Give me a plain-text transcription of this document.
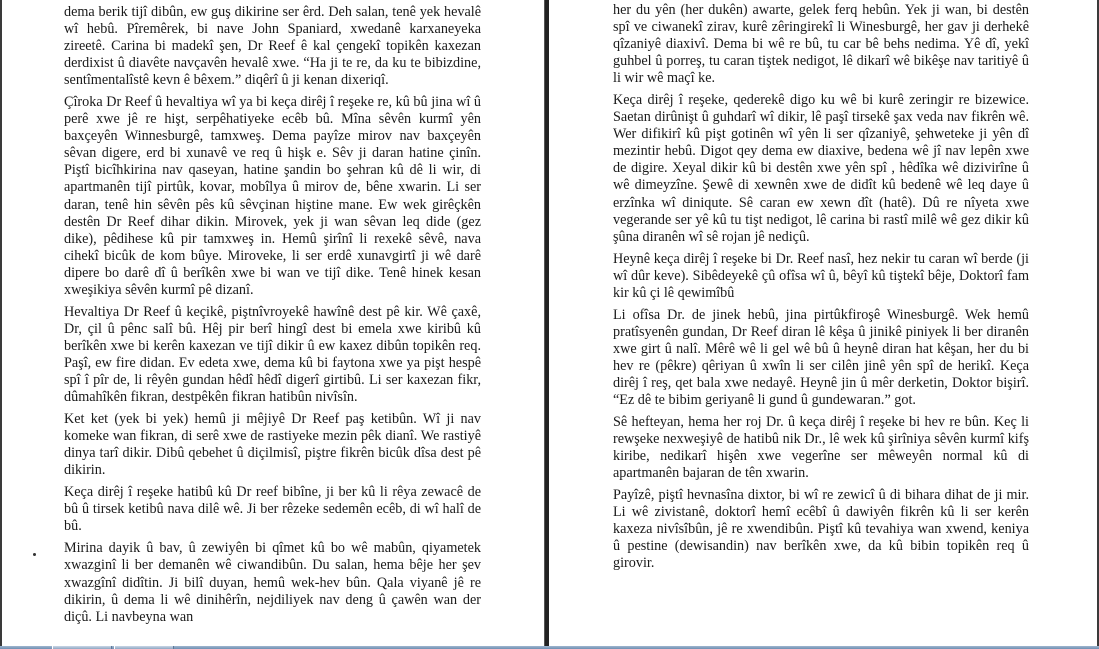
dema berik tijî dibûn, ew guş dikirine ser êrd. Deh salan, tenê yek hevalê wî hebû. Pîremêrek, bi nave John Spaniard, xwedanê karxaneyeka zireetê. Carina bi madekî şen, Dr Reef ê kal çengekî topikên kaxezan derdixist û diavête navçavên hevalê xwe. “Ha ji te re, da ku te bibizdine, sentîmentalîstê kevn ê bêxem.” diqêrî û ji kenan dixeriqî.

Çîroka Dr Reef û hevaltiya wî ya bi keça dirêj î reşeke re, kû bû jina wî û perê xwe jê re hişt, serpêhatiyeke ecêb bû. Mîna sêvên kurmî yên baxçeyên Winnesburgê, tamxweş. Dema payîze mirov nav baxçeyên sêvan digere, erd bi xunavê ve req û hişk e. Sêv ji daran hatine çinîn. Piştî bicîhkirina nav qaseyan, hatine şandin bo şehran kû dê li wir, di apartmanên tijî pirtûk, kovar, mobîlya û mirov de, bêne xwarin. Li ser daran, tenê hin sêvên pês kû sêvçinan hiştine mane. Ew wek girêçkên destên Dr Reef dihar dikin. Mirovek, yek ji wan sêvan leq dide (gez dike), pêdihese kû pir tamxweş in. Hemû şirînî li rexekê sêvê, nava cihekî bicûk de kom bûye. Miroveke, li ser erdê xunavgirtî ji wê darê dipere bo darê dî û berîkên xwe bi wan ve tijî dike. Tenê hinek kesan xweşikiya sêvên kurmî pê dizanî.

Hevaltiya Dr Reef û keçikê, piştnîvroyekê hawînê dest pê kir. Wê çaxê, Dr, çil û pênc salî bû. Hêj pir berî hingî dest bi emela xwe kiribû kû berîkên xwe bi kerên kaxezan ve tijî dikir û ew kaxez dibûn topikên req. Paşî, ew fire didan. Ev edeta xwe, dema kû bi faytona xwe ya pişt hespê spî î pîr de, li rêyên gundan hêdî hêdî digerî girtibû. Li ser kaxezan fikr, dûmahîkên fikran, destpêkên fikran hatibûn nivîsîn.

Ket ket (yek bi yek) hemû ji mêjiyê Dr Reef paş ketibûn. Wî ji nav komeke wan fikran, di serê xwe de rastiyeke mezin pêk dianî. We rastiyê dinya tarî dikir. Dibû qebehet û diçilmisî, piştre fikrên bicûk dîsa dest pê dikirin.

Keça dirêj î reşeke hatibû kû Dr reef bibîne, ji ber kû li rêya zewacê de bû û tirsek ketibû nava dilê wê. Ji ber rêzeke sedemên ecêb, di wî halî de bû.

Mirina dayik û bav, û zewiyên bi qîmet kû bo wê mabûn, qiyametek xwazginî li ber demanên wê ciwandibûn. Du salan, hema bêje her şev xwazgînî didîtin. Ji bilî duyan, hemû wek-hev bûn. Qala viyanê jê re dikirin, û dema li wê dinihêrîn, nejdiliyek nav deng û çawên wan der diçû. Li navbeyna wan

her du yên (her dukên) awarte, gelek ferq hebûn. Yek ji wan, bi destên spî ve ciwanekî zirav, kurê zêringirekî li Winesburgê, her gav ji derhekê qîzaniyê diaxivî. Dema bi wê re bû, tu car bê behs nedima. Yê dî, yekî guhbel û porreş, tu caran tiştek nedigot, lê dikarî wê bikêşe nav taritiyê û li wir wê maçî ke.

Keça dirêj î reşeke, qederekê digo ku wê bi kurê zeringir re bizewice. Saetan dirûnişt û guhdarî wî dikir, lê paşî tirsekê şax veda nav fikrên wê. Wer difikirî kû pişt gotinên wî yên li ser qîzaniyê, şehweteke ji yên dî mezintir hebû. Digot qey dema ew diaxive, bedena wê jî nav lepên xwe de digire. Xeyal dikir kû bi destên xwe yên spî , hêdîka wê dizivirîne û wê dimeyzîne. Şewê di xewnên xwe de didît kû bedenê wê leq daye û erzînka wî diniqute. Sê caran ew xewn dît (hatê). Dû re nîyeta xwe vegerande ser yê kû tu tişt nedigot, lê carina bi rastî milê wê gez dikir kû şûna diranên wî sê rojan jê nediçû.

Heynê keça dirêj î reşeke bi Dr. Reef nasî, hez nekir tu caran wî berde (ji wî dûr keve). Sibêdeyekê çû ofîsa wî û, bêyî kû tiştekî bêje, Doktorî fam kir kû çi lê qewimîbû

Li ofîsa Dr. de jinek hebû, jina pirtûkfiroşê Winesburgê. Wek hemû pratîsyenên gundan, Dr Reef diran lê kêşa û jinikê piniyek li ber diranên xwe girt û nalî. Mêrê wê li gel wê bû û heynê diran hat kêşan, her du bi hev re (pêkre) qêriyan û xwîn li ser cilên jinê yên spî de herikî. Keça dirêj î reş, qet bala xwe nedayê. Heynê jin û mêr derketin, Doktor bişirî. “Ez dê te bibim geriyanê li gund û gundewaran.” got.

Sê hefteyan, hema her roj Dr. û keça dirêj î reşeke bi hev re bûn. Keç li rewşeke nexweşiyê de hatibû nik Dr., lê wek kû şirîniya sêvên kurmî kifş kiribe, nedikarî hişên xwe vegerîne ser mêweyên normal kû di apartmanên bajaran de tên xwarin.

Payîzê, piştî hevnasîna dixtor, bi wî re zewicî û di bihara dihat de ji mir. Li wê zivistanê, doktorî hemî ecêbî û dawiyên fikrên kû li ser kerên kaxeza nivîsîbûn, jê re xwendibûn. Piştî kû tevahiya wan xwend, keniya û pestine (dewisandin) nav berîkên xwe, da kû bibin topikên req û girovir.
